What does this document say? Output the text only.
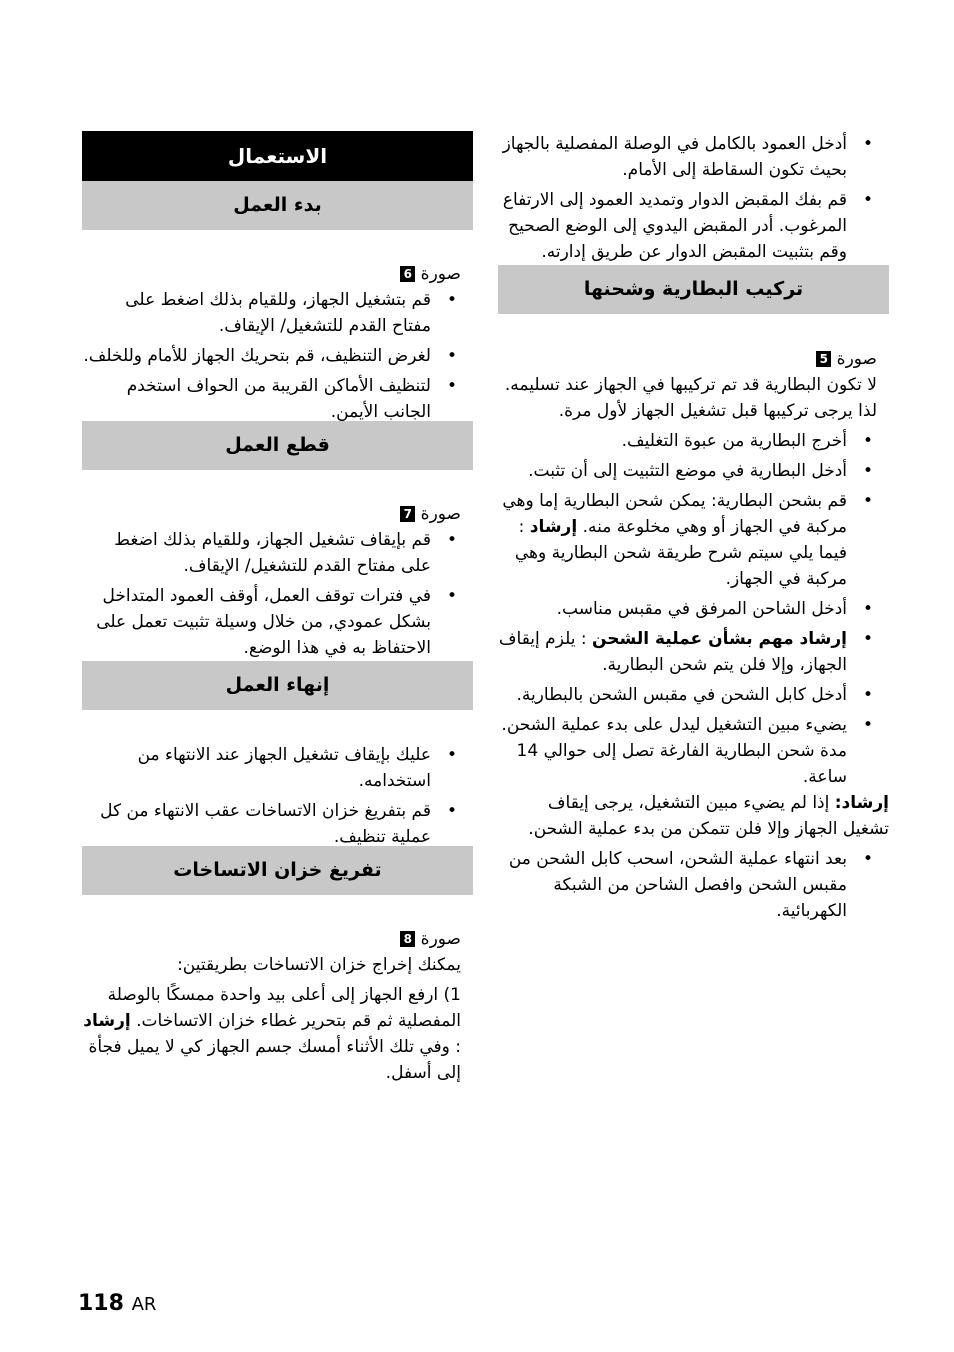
• أدخل العمود بالكامل في الوصلة المفصلية بالجهاز بحيث تكون السقاطة إلى الأمام.
• قم بفك المقبض الدوار وتمديد العمود إلى الارتفاع المرغوب. أدر المقبض اليدوي إلى الوضع الصحيح وقم بتثبيت المقبض الدوار عن طريق إدارته.
تركيب البطارية وشحنها

صورة 5

لا تكون البطارية قد تم تركيبها في الجهاز عند تسليمه. لذا يرجى تركيبها قبل تشغيل الجهاز لأول مرة.

• أخرج البطارية من عبوة التغليف.
• أدخل البطارية في موضع التثبيت إلى أن تثبت.
• قم بشحن البطارية: يمكن شحن البطارية إما وهي مركبة في الجهاز أو وهي مخلوعة منه. إرشاد : فيما يلي سيتم شرح طريقة شحن البطارية وهي مركبة في الجهاز.
• أدخل الشاحن المرفق في مقبس مناسب.
• إرشاد مهم بشأن عملية الشحن : يلزم إيقاف الجهاز، وإلا فلن يتم شحن البطارية.
• أدخل كابل الشحن في مقبس الشحن بالبطارية.
• يضيء مبين التشغيل ليدل على بدء عملية الشحن. مدة شحن البطارية الفارغة تصل إلى حوالي 14 ساعة.

إرشاد: إذا لم يضيء مبين التشغيل، يرجى إيقاف تشغيل الجهاز وإلا فلن تتمكن من بدء عملية الشحن.

• بعد انتهاء عملية الشحن، اسحب كابل الشحن من مقبس الشحن وافصل الشاحن من الشبكة الكهربائية.
الاستعمال
بدء العمل

صورة 6

• قم بتشغيل الجهاز، وللقيام بذلك اضغط على مفتاح القدم للتشغيل/ الإيقاف.
• لغرض التنظيف، قم بتحريك الجهاز للأمام وللخلف.
• لتنظيف الأماكن القريبة من الحواف استخدم الجانب الأيمن.
قطع العمل

صورة 7

• قم بإيقاف تشغيل الجهاز، وللقيام بذلك اضغط على مفتاح القدم للتشغيل/ الإيقاف.
• في فترات توقف العمل، أوقف العمود المتداخل بشكل عمودي, من خلال وسيلة تثبيت تعمل على الاحتفاظ به في هذا الوضع.
إنهاء العمل
• عليك بإيقاف تشغيل الجهاز عند الانتهاء من استخدامه.
• قم بتفريغ خزان الاتساخات عقب الانتهاء من كل عملية تنظيف.
تفريغ خزان الاتساخات

صورة 8

يمكنك إخراج خزان الاتساخات بطريقتين:

1) ارفع الجهاز إلى أعلى بيد واحدة ممسكًا بالوصلة المفصلية ثم قم بتحرير غطاء خزان الاتساخات. إرشاد : وفي تلك الأثناء أمسك جسم الجهاز كي لا يميل فجأة إلى أسفل.

118 AR
